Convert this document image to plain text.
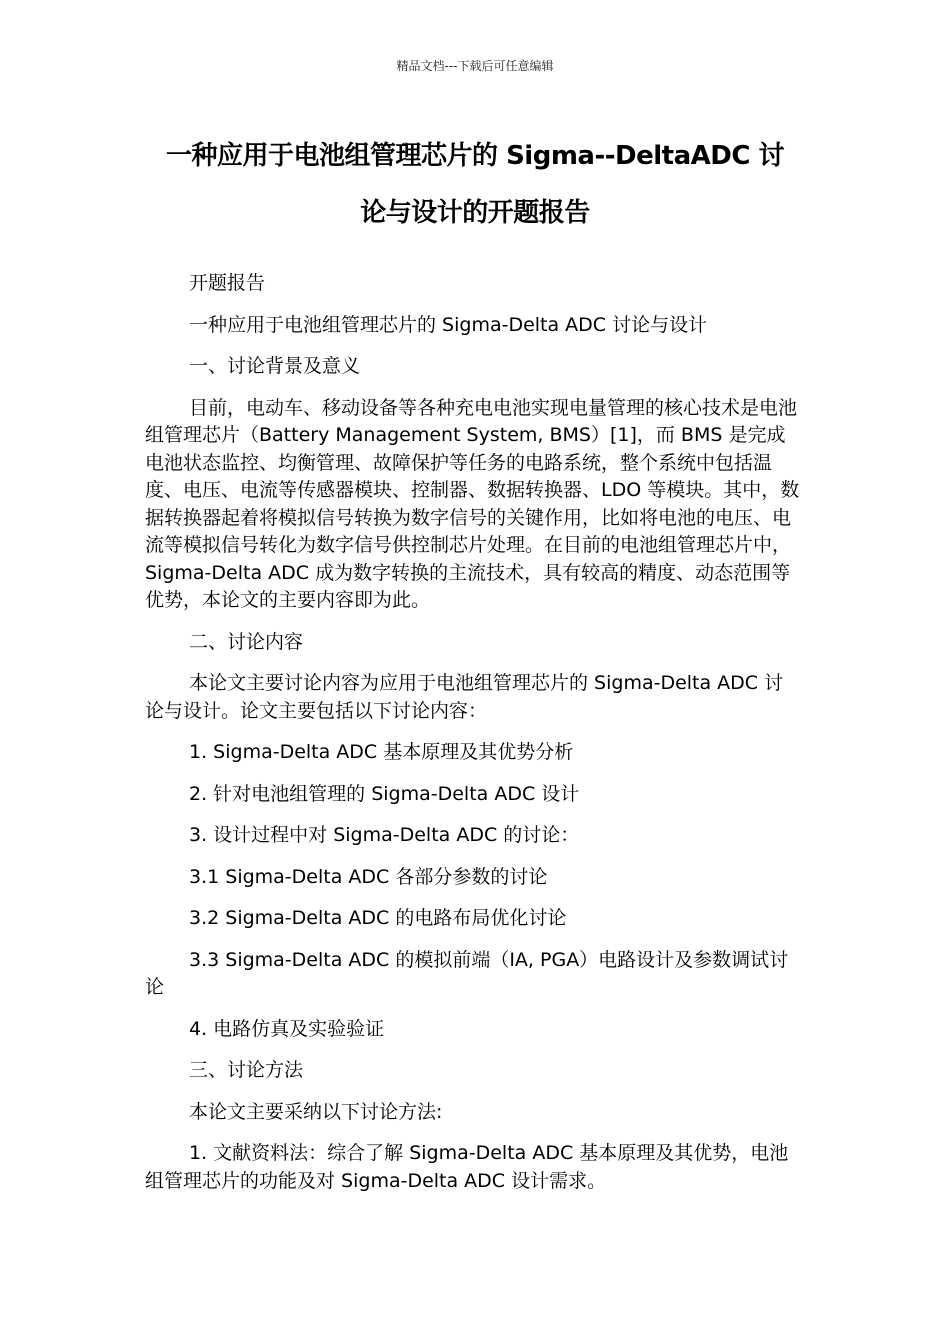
精品文档---下载后可任意编辑
一种应用于电池组管理芯片的 Sigma--DeltaADC 讨
论与设计的开题报告

开题报告

一种应用于电池组管理芯片的 Sigma-Delta ADC 讨论与设计

一、讨论背景及意义

目前，电动车、移动设备等各种充电电池实现电量管理的核心技术是电池组管理芯片（Battery Management System, BMS）[1]，而 BMS 是完成电池状态监控、均衡管理、故障保护等任务的电路系统，整个系统中包括温度、电压、电流等传感器模块、控制器、数据转换器、LDO 等模块。其中，数据转换器起着将模拟信号转换为数字信号的关键作用，比如将电池的电压、电流等模拟信号转化为数字信号供控制芯片处理。在目前的电池组管理芯片中， Sigma-Delta ADC 成为数字转换的主流技术，具有较高的精度、动态范围等优势，本论文的主要内容即为此。

二、讨论内容

本论文主要讨论内容为应用于电池组管理芯片的 Sigma-Delta ADC 讨论与设计。论文主要包括以下讨论内容：

1. Sigma-Delta ADC 基本原理及其优势分析

2. 针对电池组管理的 Sigma-Delta ADC 设计

3. 设计过程中对 Sigma-Delta ADC 的讨论：

3.1 Sigma-Delta ADC 各部分参数的讨论

3.2 Sigma-Delta ADC 的电路布局优化讨论

3.3 Sigma-Delta ADC 的模拟前端（IA, PGA）电路设计及参数调试讨论

4. 电路仿真及实验验证

三、讨论方法

本论文主要采纳以下讨论方法:

1. 文献资料法：综合了解 Sigma-Delta ADC 基本原理及其优势，电池组管理芯片的功能及对 Sigma-Delta ADC 设计需求。
